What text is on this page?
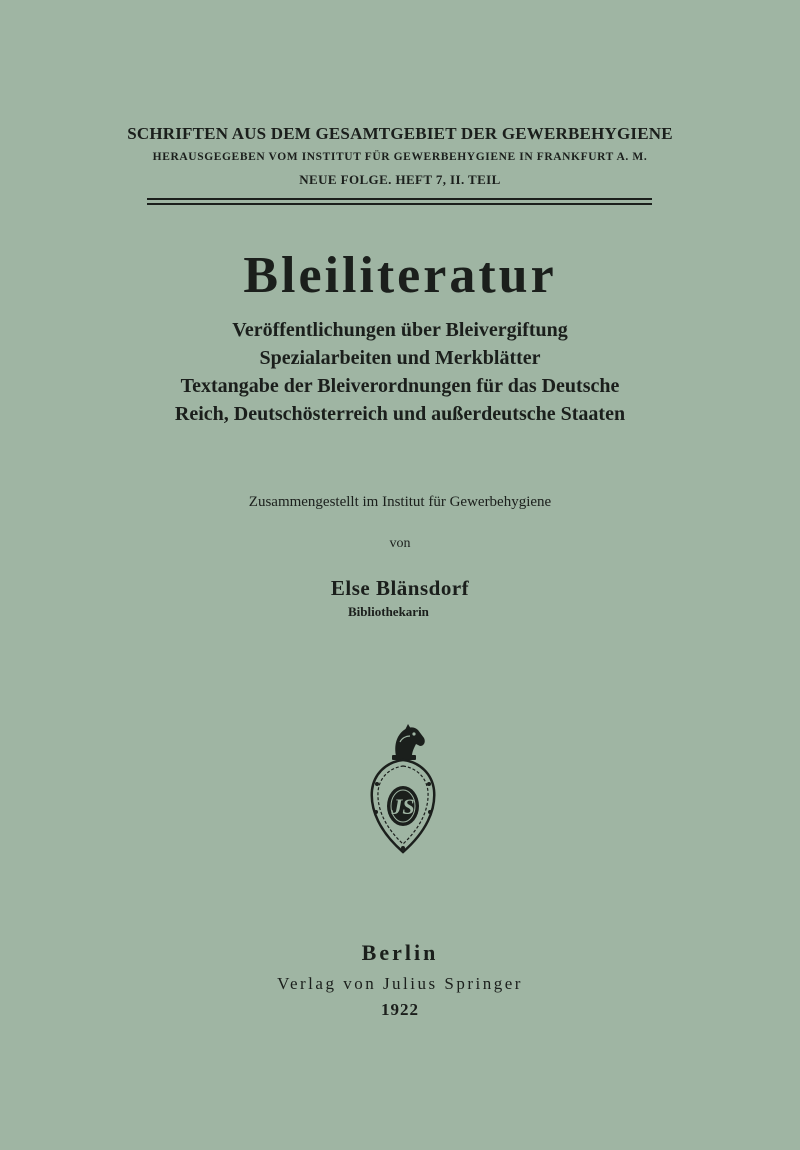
SCHRIFTEN AUS DEM GESAMTGEBIET DER GEWERBEHYGIENE
HERAUSGEGEBEN VOM INSTITUT FÜR GEWERBEHYGIENE IN FRANKFURT A. M.
NEUE FOLGE. HEFT 7, II. TEIL
Bleiliteratur
Veröffentlichungen über Bleivergiftung
Spezialarbeiten und Merkblätter
Textangabe der Bleiverordnungen für das Deutsche
Reich, Deutschösterreich und außerdeutsche Staaten
Zusammengestellt im Institut für Gewerbehygiene
von
Else Blänsdorf
Bibliothekarin
JS
Berlin
Verlag von Julius Springer
1922
